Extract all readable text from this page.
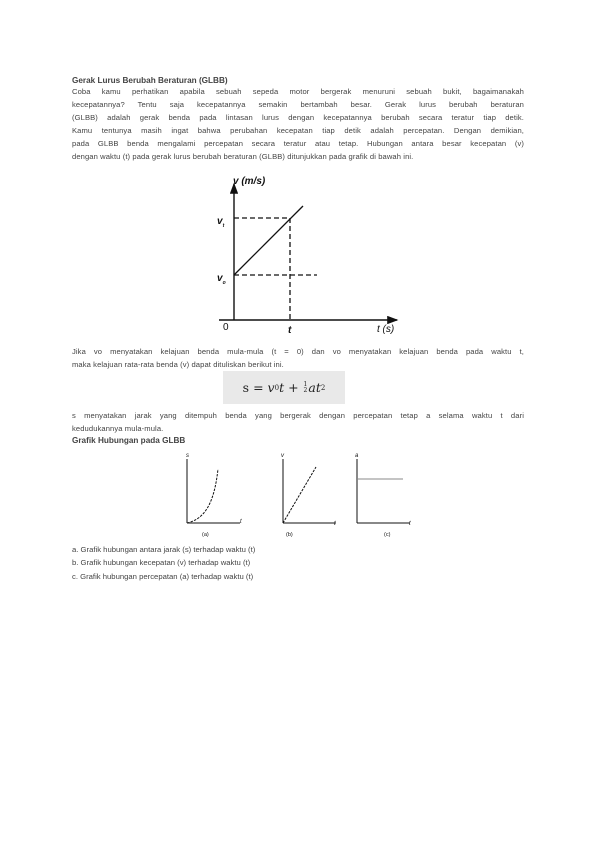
Gerak Lurus Berubah Beraturan (GLBB)
Coba kamu perhatikan apabila sebuah sepeda motor bergerak menuruni sebuah bukit, bagaimanakah
kecepatannya? Tentu saja kecepatannya semakin bertambah besar. Gerak lurus berubah beraturan
(GLBB) adalah gerak benda pada lintasan lurus dengan kecepatannya berubah secara teratur tiap detik.
Kamu tentunya masih ingat bahwa perubahan kecepatan tiap detik adalah percepatan. Dengan demikian,
pada GLBB benda mengalami percepatan secara teratur atau tetap. Hubungan antara besar kecepatan (v)
dengan waktu (t) pada gerak lurus berubah beraturan (GLBB) ditunjukkan pada grafik di bawah ini.
v (m/s)
t (s)
0	t
$v_t$
$v_o$
Jika vo menyatakan kelajuan benda mula-mula (t = 0) dan vo menyatakan kelajuan benda pada waktu t,
maka kelajuan rata-rata benda (v) dapat dituliskan berikut ini.
s
=
v 0 t
+
1
2 at 2
s menyatakan jarak yang ditempuh benda yang bergerak dengan percepatan tetap a selama waktu t dari
kedudukannya mula-mula.
Grafik Hubungan pada GLBB
s
t
(a)
v
t
(b)
a
t
(c)
a. Grafik hubungan antara jarak (s) terhadap waktu (t)
b. Grafik hubungan kecepatan (v) terhadap waktu (t)
c. Grafik hubungan percepatan (a) terhadap waktu (t)
